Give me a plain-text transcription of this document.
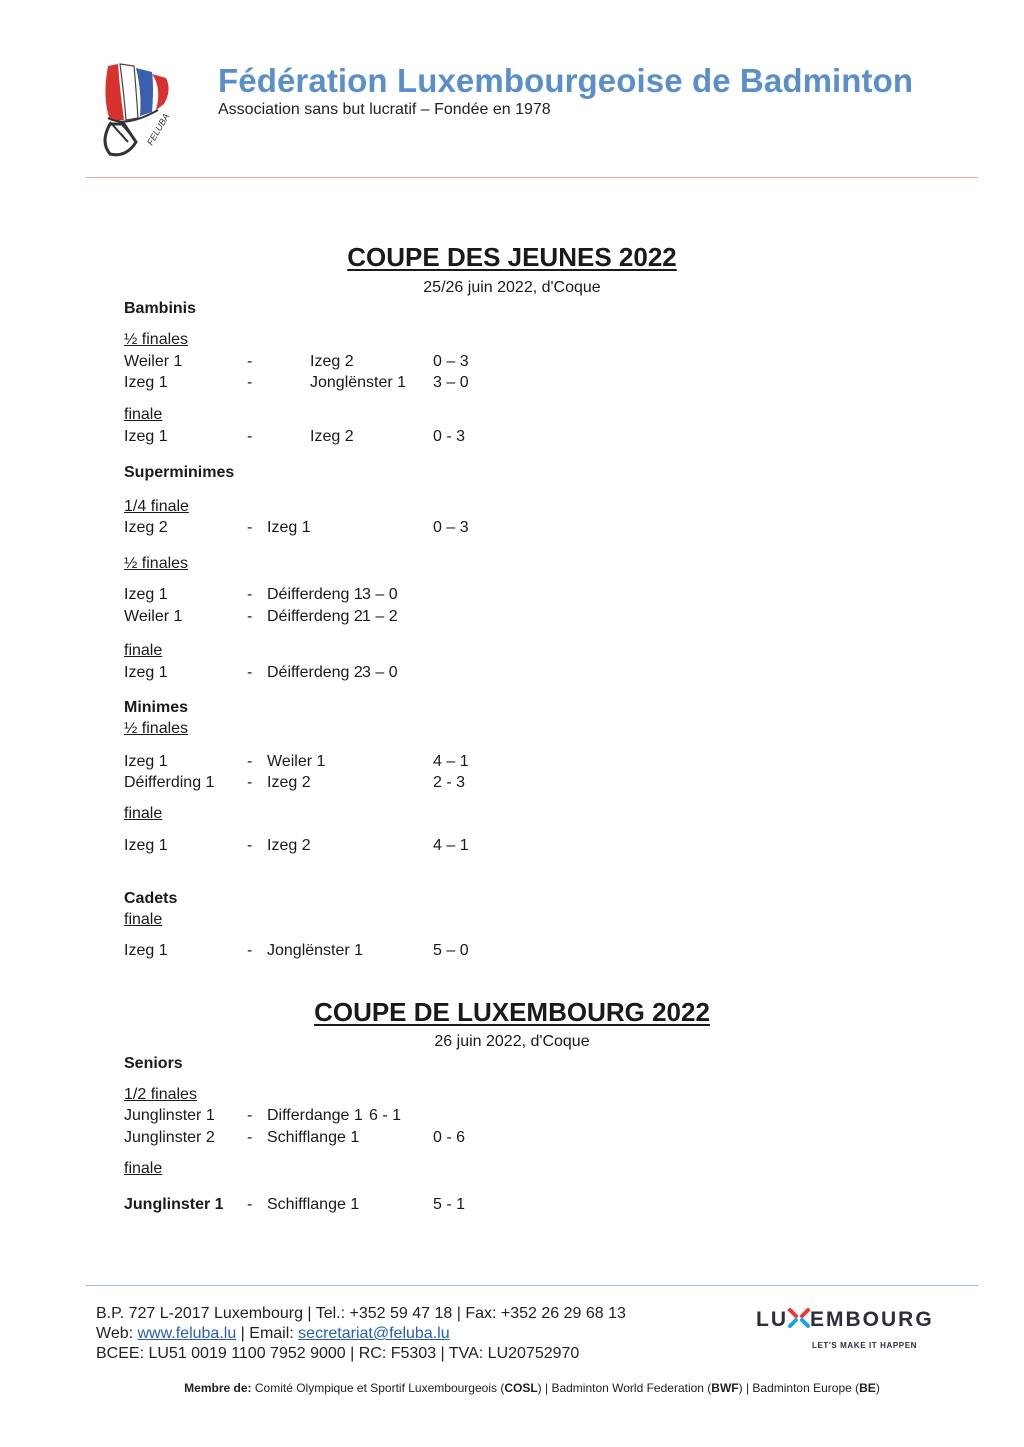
FELUBA
Fédération Luxembourgeoise de Badminton
Association sans but lucratif – Fondée en 1978
COUPE DES JEUNES 2022
25/26 juin 2022, d'Coque
Bambinis
½ finales
Weiler 1	-	Izeg 2	0 – 3
Izeg 1	-	Jonglënster 1 3 – 0
finale
Izeg 1	-	Izeg 2	0 - 3
Superminimes
1/4 finale
Izeg 2	- Izeg 1	0 – 3
½ finales
Izeg 1	- Déifferdeng 1 3 – 0
Weiler 1	- Déifferdeng 2 1 – 2
finale
Izeg 1	- Déifferdeng 2 3 – 0
Minimes
½ finales
Izeg 1	- Weiler 1	4 – 1
Déifferding 1 - Izeg 2	2 - 3
finale
Izeg 1	- Izeg 2	4 – 1
Cadets
finale
Izeg 1	- Jonglënster 1	5 – 0
COUPE DE LUXEMBOURG 2022
26 juin 2022, d'Coque
Seniors
1/2 finales
Junglinster 1 - Differdange 1 6 - 1
Junglinster 2 - Schifflange 1	0 - 6
finale
Junglinster 1 - Schifflange 1	5 - 1
B.P. 727 L-2017 Luxembourg | Tel.: +352 59 47 18 | Fax: +352 26 29 68 13
Web: www.feluba.lu | Email: secretariat@feluba.lu
BCEE: LU51 0019 1100 7952 9000 | RC: F5303 | TVA: LU20752970
LU EMBOURG
LET'S MAKE IT HAPPEN
Membre de: Comité Olympique et Sportif Luxembourgeois (COSL) | Badminton World Federation (BWF) | Badminton Europe (BE)
